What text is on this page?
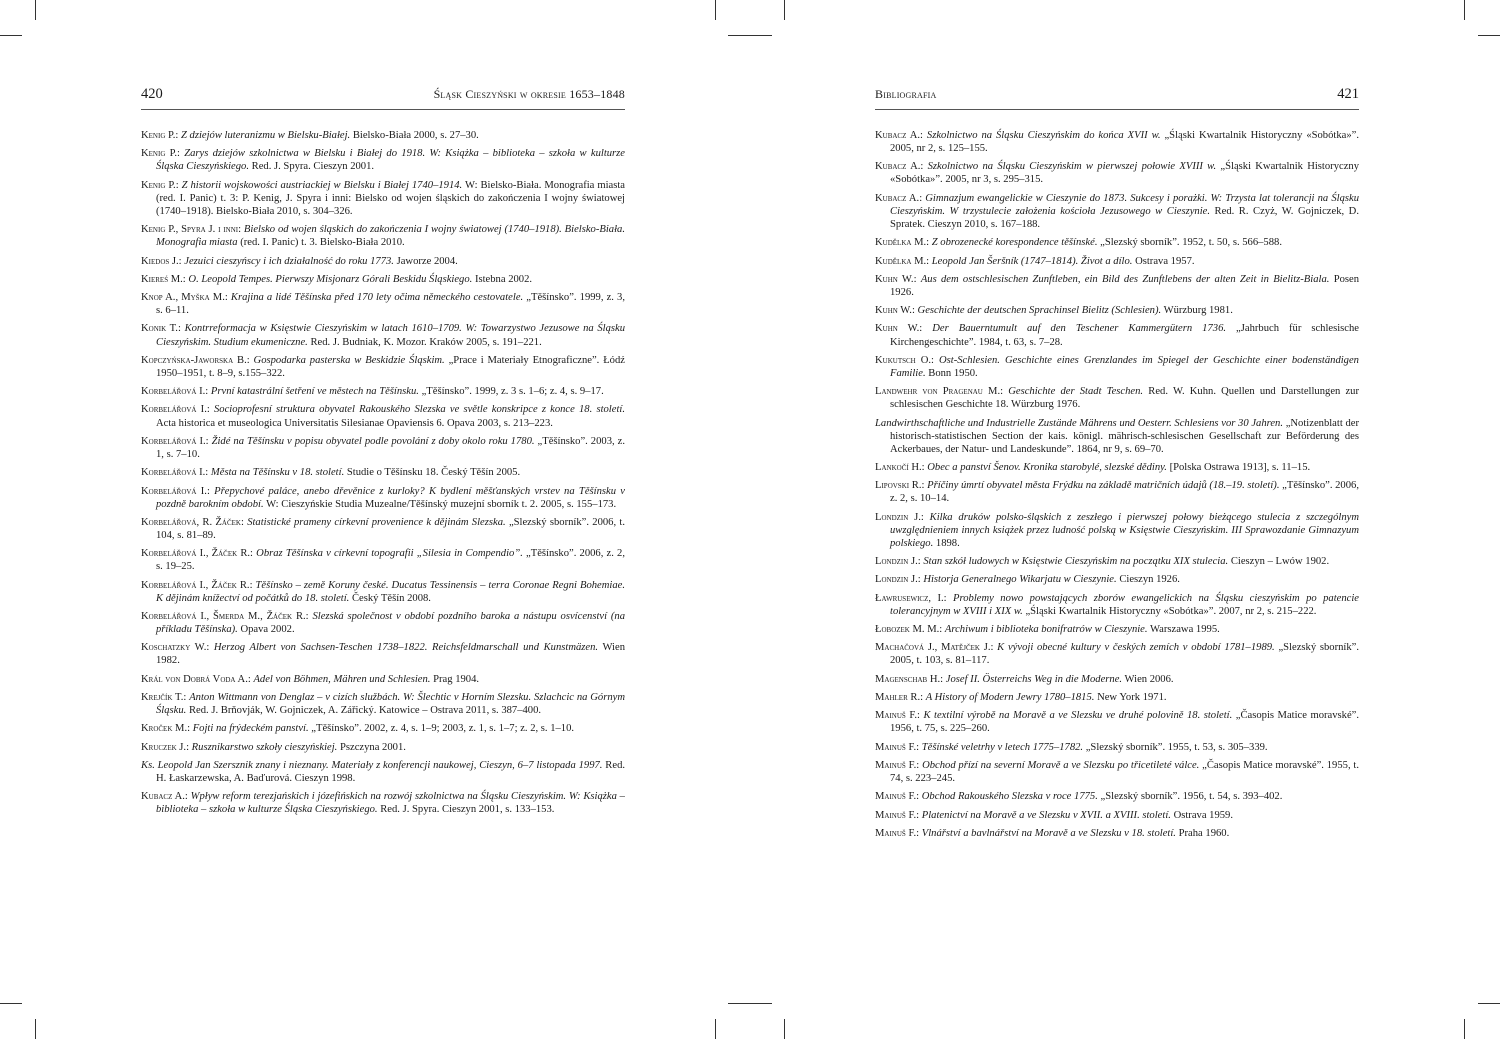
420	Śląsk Cieszyński w okresie 1653–1848
Kenig P.: Z dziejów luteranizmu w Bielsku-Białej. Bielsko-Biała 2000, s. 27–30.
Kenig P.: Zarys dziejów szkolnictwa w Bielsku i Białej do 1918. W: Książka – biblioteka – szkoła w kulturze Śląska Cieszyńskiego. Red. J. Spyra. Cieszyn 2001.
Kenig P.: Z historii wojskowości austriackiej w Bielsku i Białej 1740–1914. W: Bielsko-Biała. Monografia miasta (red. I. Panic) t. 3: P. Kenig, J. Spyra i inni: Bielsko od wojen śląskich do zakończenia I wojny światowej (1740–1918). Bielsko-Biała 2010, s. 304–326.
Kenig P., Spyra J. i inni: Bielsko od wojen śląskich do zakończenia I wojny światowej (1740–1918). Bielsko-Biała. Monografia miasta (red. I. Panic) t. 3. Bielsko-Biała 2010.
Kiedos J.: Jezuici cieszyńscy i ich działalność do roku 1773. Jaworze 2004.
Kiereś M.: O. Leopold Tempes. Pierwszy Misjonarz Górali Beskidu Śląskiego. Istebna 2002.
Knop A., Myška M.: Krajina a lidé Těšínska před 170 lety očima německého cestovatele. „Těšínsko”. 1999, z. 3, s. 6–11.
Konik T.: Kontrreformacja w Księstwie Cieszyńskim w latach 1610–1709. W: Towarzystwo Jezusowe na Śląsku Cieszyńskim. Studium ekumeniczne. Red. J. Budniak, K. Mozor. Kraków 2005, s. 191–221.
Kopczyńska-Jaworska B.: Gospodarka pasterska w Beskidzie Śląskim. „Prace i Materiały Etnograficzne”. Łódź 1950–1951, t. 8–9, s.155–322.
Korbelářová I.: První katastrální šetření ve městech na Těšínsku. „Těšínsko”. 1999, z. 3 s. 1–6; z. 4, s. 9–17.
Korbelářová I.: Socioprofesní struktura obyvatel Rakouského Slezska ve světle konskripce z konce 18. století. Acta historica et museologica Universitatis Silesianae Opaviensis 6. Opava 2003, s. 213–223.
Korbelářová I.: Židé na Těšínsku v popisu obyvatel podle povolání z doby okolo roku 1780. „Těšínsko”. 2003, z. 1, s. 7–10.
Korbelářová I.: Města na Těšínsku v 18. století. Studie o Těšínsku 18. Český Těšín 2005.
Korbelářová I.: Přepychové paláce, anebo dřevěnice z kurloky? K bydlení měšťanských vrstev na Těšínsku v pozdně barokním období. W: Cieszyńskie Studia Muzealne/Těšínský muzejní sborník t. 2. 2005, s. 155–173.
Korbelářová, R. Žáček: Statistické prameny církevní provenience k dějinám Slezska. „Slezský sborník”. 2006, t. 104, s. 81–89.
Korbelářová I., Žáček R.: Obraz Těšínska v církevní topografii „Silesia in Compendio”. „Těšínsko”. 2006, z. 2, s. 19–25.
Korbelářová I., Žáček R.: Těšínsko – země Koruny české. Ducatus Tessinensis – terra Coronae Regni Bohemiae. K dějinám knížectví od počátků do 18. století. Český Těšín 2008.
Korbelářová I., Šmerda M., Žáček R.: Slezská společnost v období pozdního baroka a nástupu osvícenství (na příkladu Těšínska). Opava 2002.
Koschatzky W.: Herzog Albert von Sachsen-Teschen 1738–1822. Reichsfeldmarschall und Kunstmäzen. Wien 1982.
Král von Dobrá Voda A.: Adel von Böhmen, Mähren und Schlesien. Prag 1904.
Krejčík T.: Anton Wittmann von Denglaz – v cizích službách. W: Šlechtic v Horním Slezsku. Szlachcic na Górnym Śląsku. Red. J. Brňovják, W. Gojniczek, A. Zářický. Katowice – Ostrava 2011, s. 387–400.
Kroček M.: Fojti na frýdeckém panství. „Těšínsko”. 2002, z. 4, s. 1–9; 2003, z. 1, s. 1–7; z. 2, s. 1–10.
Kruczek J.: Rusznikarstwo szkoły cieszyńskiej. Pszczyna 2001.
Ks. Leopold Jan Szersznik znany i nieznany. Materiały z konferencji naukowej, Cieszyn, 6–7 listopada 1997. Red. H. Łaskarzewska, A. Baďurová. Cieszyn 1998.
Kubacz A.: Wpływ reform terezjańskich i józefińskich na rozwój szkolnictwa na Śląsku Cieszyńskim. W: Książka – biblioteka – szkoła w kulturze Śląska Cieszyńskiego. Red. J. Spyra. Cieszyn 2001, s. 133–153.
Bibliografia	421
Kubacz A.: Szkolnictwo na Śląsku Cieszyńskim do końca XVII w. „Śląski Kwartalnik Historyczny «Sobótka»”. 2005, nr 2, s. 125–155.
Kubacz A.: Szkolnictwo na Śląsku Cieszyńskim w pierwszej połowie XVIII w. „Śląski Kwartalnik Historyczny «Sobótka»”. 2005, nr 3, s. 295–315.
Kubacz A.: Gimnazjum ewangelickie w Cieszynie do 1873. Sukcesy i porażki. W: Trzysta lat tolerancji na Śląsku Cieszyńskim. W trzystulecie założenia kościoła Jezusowego w Cieszynie. Red. R. Czyż, W. Gojniczek, D. Spratek. Cieszyn 2010, s. 167–188.
Kudělka M.: Z obrozenecké korespondence těšínské. „Slezský sborník”. 1952, t. 50, s. 566–588.
Kudělka M.: Leopold Jan Šeršník (1747–1814). Život a dílo. Ostrava 1957.
Kuhn W.: Aus dem ostschlesischen Zunftleben, ein Bild des Zunftlebens der alten Zeit in Bielitz-Biala. Posen 1926.
Kuhn W.: Geschichte der deutschen Sprachinsel Bielitz (Schlesien). Würzburg 1981.
Kuhn W.: Der Bauerntumult auf den Teschener Kammergütern 1736. „Jahrbuch für schlesische Kirchengeschichte”. 1984, t. 63, s. 7–28.
Kukutsch O.: Ost-Schlesien. Geschichte eines Grenzlandes im Spiegel der Geschichte einer bodenständigen Familie. Bonn 1950.
Landwehr von Pragenau M.: Geschichte der Stadt Teschen. Red. W. Kuhn. Quellen und Darstellungen zur schlesischen Geschichte 18. Würzburg 1976.
Landwirthschaftliche und Industrielle Zustände Mährens und Oesterr. Schlesiens vor 30 Jahren. „Notizenblatt der historisch-statistischen Section der kais. königl. mährisch-schlesischen Gesellschaft zur Beförderung des Ackerbaues, der Natur- und Landeskunde”. 1864, nr 9, s. 69–70.
Lankočí H.: Obec a panství Šenov. Kronika starobylé, slezské dědiny. [Polska Ostrawa 1913], s. 11–15.
Lipovski R.: Příčiny úmrtí obyvatel města Frýdku na základě matričních údajů (18.–19. století). „Těšínsko”. 2006, z. 2, s. 10–14.
Londzin J.: Kilka druków polsko-śląskich z zeszłego i pierwszej połowy bieżącego stulecia z szczególnym uwzględnieniem innych książek przez ludność polską w Księstwie Cieszyńskim. III Sprawozdanie Gimnazyum polskiego. 1898.
Londzin J.: Stan szkół ludowych w Księstwie Cieszyńskim na początku XIX stulecia. Cieszyn – Lwów 1902.
Londzin J.: Historja Generalnego Wikarjatu w Cieszynie. Cieszyn 1926.
Ławrusewicz, I.: Problemy nowo powstających zborów ewangelickich na Śląsku cieszyńskim po patencie tolerancyjnym w XVIII i XIX w. „Śląski Kwartalnik Historyczny «Sobótka»”. 2007, nr 2, s. 215–222.
Łobozek M. M.: Archiwum i biblioteka bonifratrów w Cieszynie. Warszawa 1995.
Machačová J., Matějček J.: K vývoji obecné kultury v českých zemích v období 1781–1989. „Slezský sborník”. 2005, t. 103, s. 81–117.
Magenschab H.: Josef II. Österreichs Weg in die Moderne. Wien 2006.
Mahler R.: A History of Modern Jewry 1780–1815. New York 1971.
Mainuš F.: K textilní výrobě na Moravě a ve Slezsku ve druhé polovině 18. století. „Časopis Matice moravské”. 1956, t. 75, s. 225–260.
Mainuš F.: Těšínské veletrhy v letech 1775–1782. „Slezský sborník”. 1955, t. 53, s. 305–339.
Mainuš F.: Obchod přízí na severní Moravě a ve Slezsku po třicetileté válce. „Časopis Matice moravské”. 1955, t. 74, s. 223–245.
Mainuš F.: Obchod Rakouského Slezska v roce 1775. „Slezský sborník”. 1956, t. 54, s. 393–402.
Mainuš F.: Platenictví na Moravě a ve Slezsku v XVII. a XVIII. století. Ostrava 1959.
Mainuš F.: Vlnářství a bavlnářství na Moravě a ve Slezsku v 18. století. Praha 1960.
